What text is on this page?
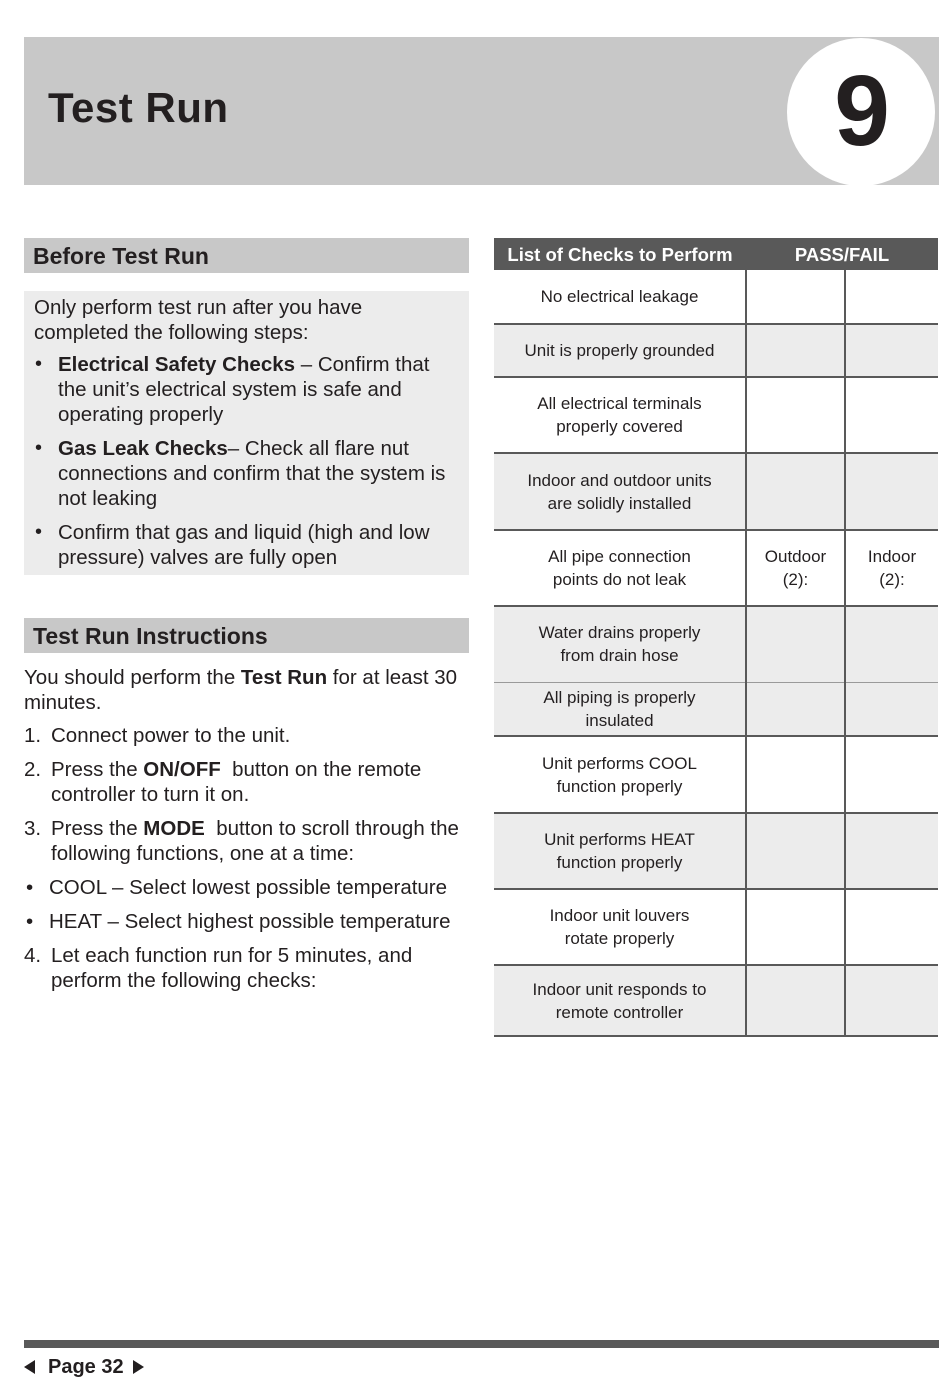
Test Run	9
Before Test Run

Only perform test run after you have completed the following steps:

• Electrical Safety Checks – Confirm that the unit’s electrical system is safe and operating properly
• Gas Leak Checks– Check all flare nut connections and confirm that the system is not leaking
• Confirm that gas and liquid (high and low pressure) valves are fully open
Test Run Instructions

You should perform the Test Run for at least 30 minutes.

1. Connect power to the unit.
2. Press the ON/OFF  button on the remote controller to turn it on.
3. Press the MODE  button to scroll through the following functions, one at a time:
• COOL – Select lowest possible temperature
• HEAT – Select highest possible temperature
4. Let each function run for 5 minutes, and perform the following checks:
List of Checks to Perform	PASS/FAIL	
No electrical leakage		
Unit is properly grounded		
All electrical terminals properly covered		
Indoor and outdoor units are solidly installed		
All pipe connection points do not leak	Outdoor (2):	Indoor (2):
Water drains properly from drain hose		
All piping is properly insulated		
Unit performs COOL function properly		
Unit performs HEAT function properly		
Indoor unit louvers rotate properly		
Indoor unit responds to remote controller		
Page 32
